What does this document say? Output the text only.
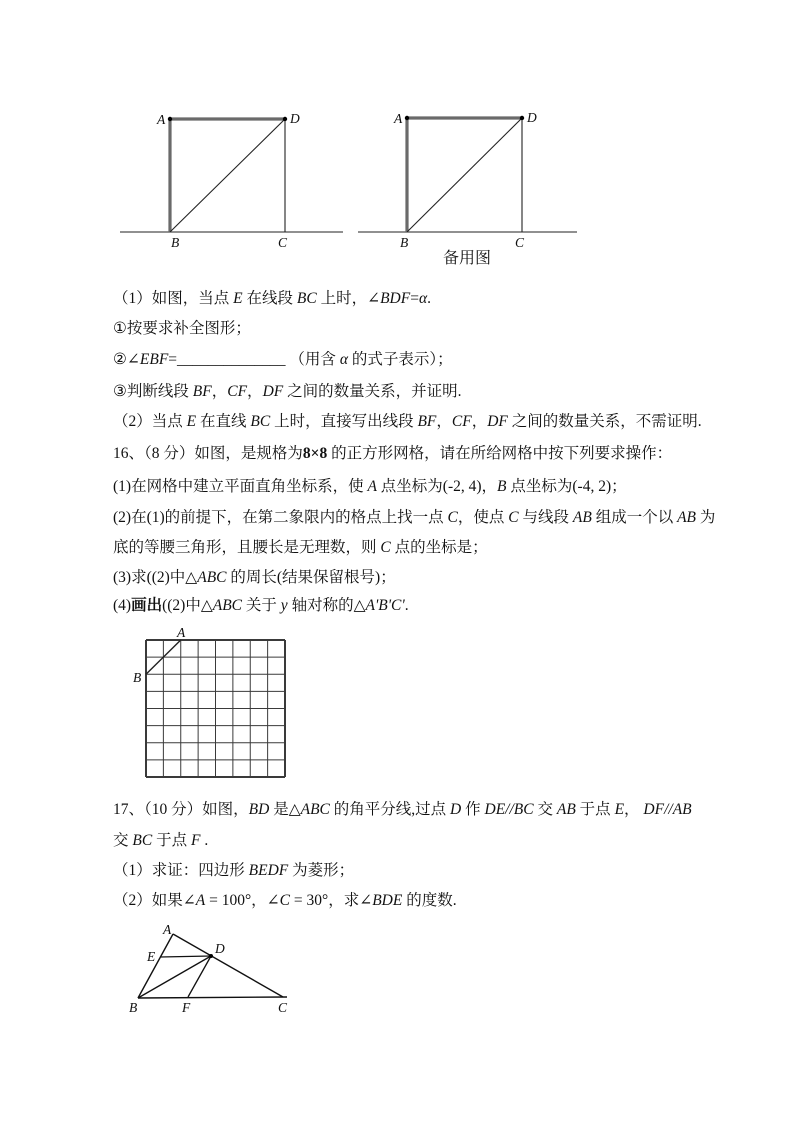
A	D
B	C
A	D
B	C
备用图
（1）如图，当点 E 在线段 BC 上时，∠BDF=α.
①按要求补全图形；
②∠EBF=______________ （用含 α 的式子表示）；
③判断线段 BF，CF，DF 之间的数量关系，并证明.
（2）当点 E 在直线 BC 上时，直接写出线段 BF，CF，DF 之间的数量关系，不需证明.
16、（8 分）如图，是规格为8×8 的正方形网格，请在所给网格中按下列要求操作：
(1)在网格中建立平面直角坐标系，使 A 点坐标为(-2, 4)，B 点坐标为(-4, 2)；
(2)在(1)的前提下，在第二象限内的格点上找一点 C，使点 C 与线段 AB 组成一个以 AB 为
底的等腰三角形，且腰长是无理数，则 C 点的坐标是；
(3)求((2)中△ABC 的周长(结果保留根号)；
(4)画出((2)中△ABC 关于 y 轴对称的△A'B'C'.
A
B
17、（10 分）如图，BD 是△ABC 的角平分线,过点 D 作 DE//BC 交 AB 于点 E， DF//AB
交 BC 于点 F .
（1）求证：四边形 BEDF 为菱形；
（2）如果∠A = 100°，∠C = 30°，求∠BDE 的度数.
A
E
D
B	F	C
